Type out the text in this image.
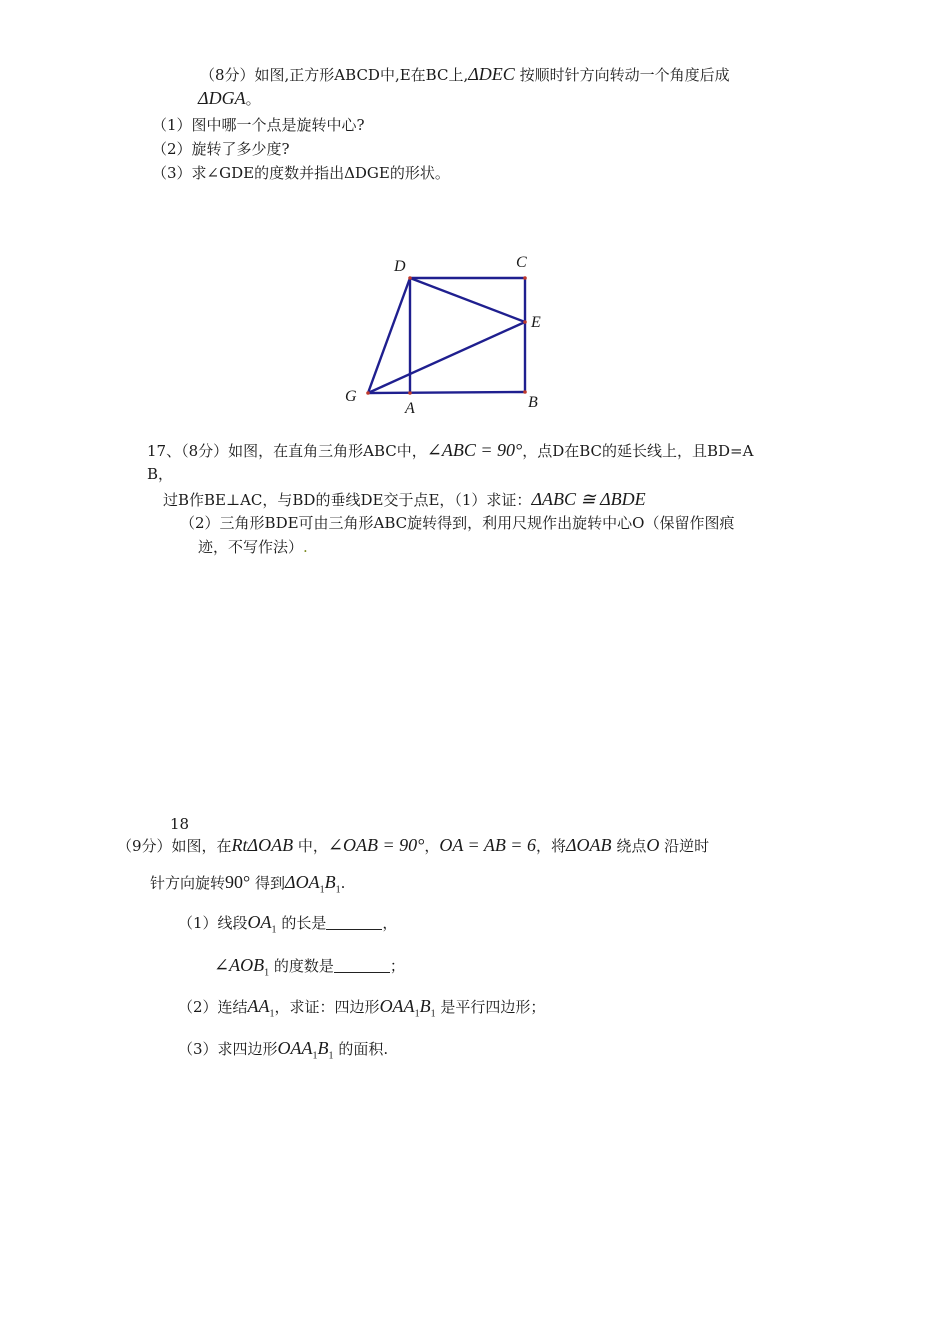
（8分）如图,正方形ABCD中,E在BC上,ΔDEC 按顺时针方向转动一个角度后成
ΔDGA。
（1）图中哪一个点是旋转中心?
（2）旋转了多少度?
（3）求∠GDE的度数并指出ΔDGE的形状。
D	C
E
G
A	B
17、（8分）如图，在直角三角形ABC中，∠ABC = 90°，点D在BC的延长线上，且BD=A
B，
过B作BE⊥AC，与BD的垂线DE交于点E，（1）求证：ΔABC ≅ ΔBDE
（2）三角形BDE可由三角形ABC旋转得到，利用尺规作出旋转中心O（保留作图痕
迹，不写作法）.
18
（9分）如图，在RtΔOAB 中，∠OAB = 90°，OA = AB = 6，将ΔOAB 绕点O 沿逆时
针方向旋转90° 得到$\Delta OA_1B_1$.
（1）线段$OA_1$ 的长是	，
$\angle AOB_1$ 的度数是	；
（2）连结$AA_1$，求证：四边形$OAA_1B_1$ 是平行四边形；
（3）求四边形$OAA_1B_1$ 的面积.
